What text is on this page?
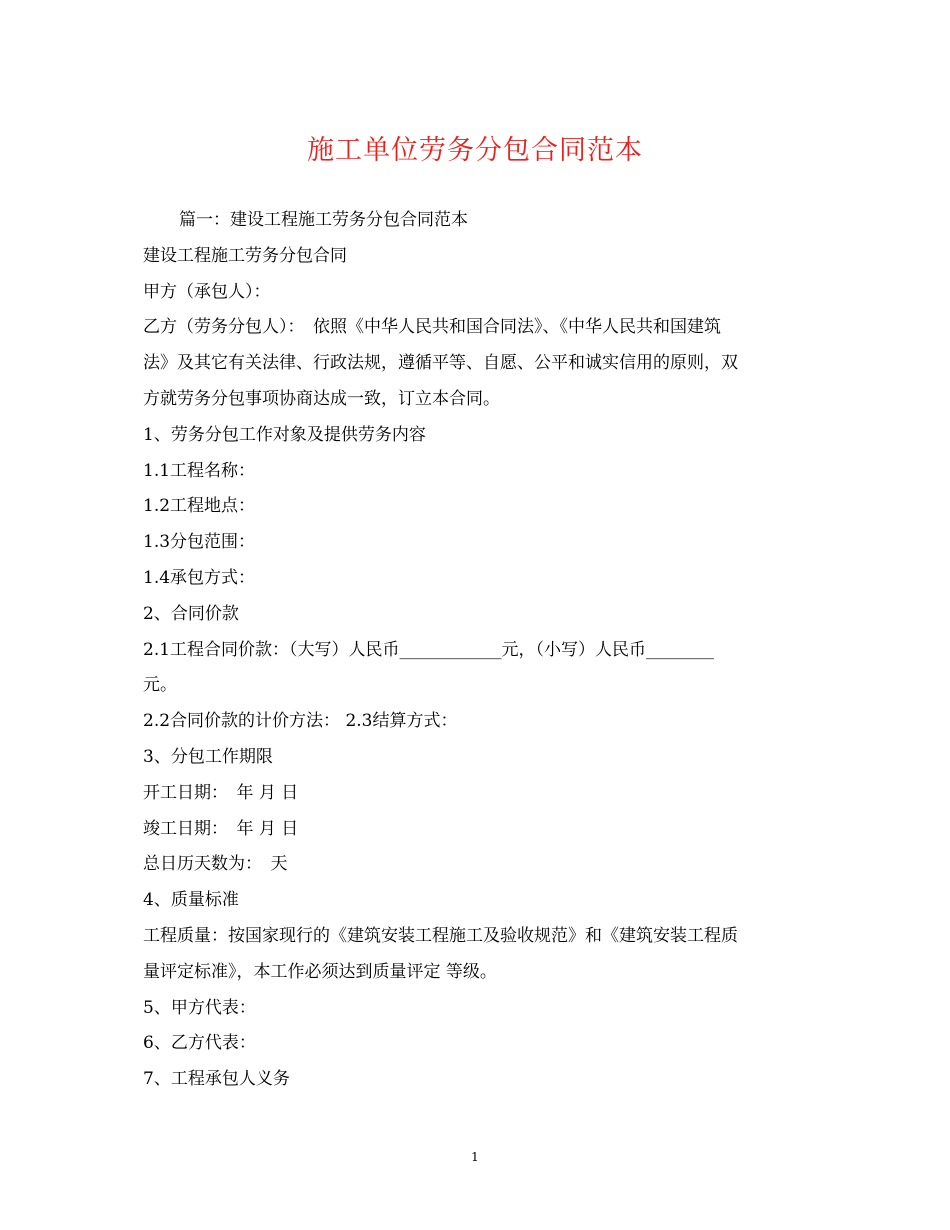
施工单位劳务分包合同范本

篇一：建设工程施工劳务分包合同范本

建设工程施工劳务分包合同

甲方（承包人）：

乙方（劳务分包人）：　依照《中华人民共和国合同法》、《中华人民共和国建筑

法》及其它有关法律、行政法规，遵循平等、自愿、公平和诚实信用的原则，双

方就劳务分包事项协商达成一致，订立本合同。

1、劳务分包工作对象及提供劳务内容

1.1工程名称：

1.2工程地点：

1.3分包范围：

1.4承包方式：

2、合同价款

2.1工程合同价款：（大写）人民币____________元，（小写）人民币________

元。

2.2合同价款的计价方法： 2.3结算方式：

3、分包工作期限

开工日期：　年 月 日

竣工日期：　年 月 日

总日历天数为：　天

4、质量标准

工程质量：按国家现行的《建筑安装工程施工及验收规范》和《建筑安装工程质

量评定标准》，本工作必须达到质量评定 等级。

5、甲方代表：

6、乙方代表：

7、工程承包人义务

1
